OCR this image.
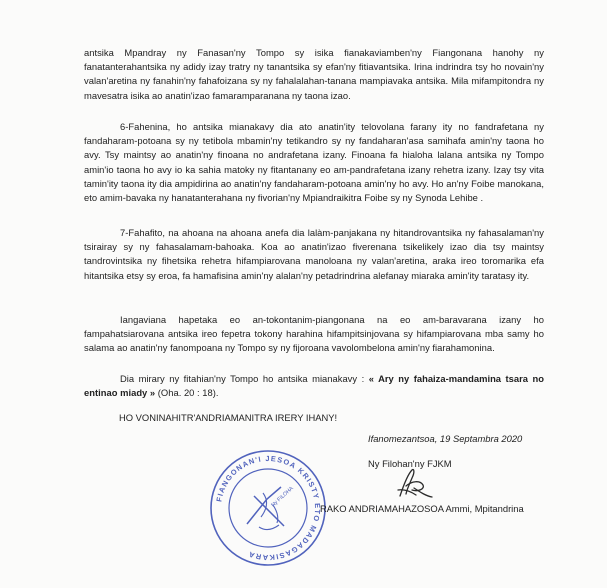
antsika Mpandray ny Fanasan'ny Tompo sy isika fianakaviamben'ny Fiangonana hanohy ny fanatanterahantsika ny adidy izay tratry ny tanantsika sy efan'ny fitiavantsika. Irina indrindra tsy ho novain'ny valan'aretina ny fanahin'ny fahafoizana sy ny fahalalahan-tanana mampiavaka antsika. Mila mifampitondra ny mavesatra isika ao anatin'izao famaramparanana ny taona izao.

6-Fahenina, ho antsika mianakavy dia ato anatin'ity telovolana farany ity no fandrafetana ny fandaharam-potoana sy ny tetibola mbamin'ny tetikandro sy ny fandaharan'asa samihafa amin'ny taona ho avy. Tsy maintsy ao anatin'ny finoana no andrafetana izany. Finoana fa hialoha lalana antsika ny Tompo amin'io taona ho avy io ka sahia matoky ny fitantanany eo am-pandrafetana izany rehetra izany. Izay tsy vita tamin'ity taona ity dia ampidirina ao anatin'ny fandaharam-potoana amin'ny ho avy. Ho an'ny Foibe manokana, eto amim-bavaka ny hanatanterahana ny fivorian'ny Mpiandraikitra Foibe sy ny Synoda Lehibe .

7-Fahafito, na ahoana na ahoana anefa dia lalàm-panjakana ny hitandrovantsika ny fahasalaman'ny tsirairay sy ny fahasalamam-bahoaka. Koa ao anatin'izao fiverenana tsikelikely izao dia tsy maintsy tandrovintsika ny fihetsika rehetra hifampiarovana manoloana ny valan'aretina, araka ireo toromarika efa hitantsika etsy sy eroa, fa hamafisina amin'ny alalan'ny petadrindrina alefanay miaraka amin'ity taratasy ity.

Iangaviana hapetaka eo an-tokontanim-piangonana na eo am-baravarana izany ho fampahatsiarovana antsika ireo fepetra tokony harahina hifampitsinjovana sy hifampiarovana mba samy ho salama ao anatin'ny fanompoana ny Tompo sy ny fijoroana vavolombelona amin'ny fiarahamonina.

Dia mirary ny fitahian'ny Tompo ho antsika mianakavy : « Ary ny fahaiza-mandamina tsara no entinao miady » (Oha. 20 : 18).

HO VONINAHITR'ANDRIAMANITRA IRERY IHANY!
Ifanomezantsoa, 19 Septambra 2020
Ny Filohan'ny FJKM
FIANGONAN'I JESOA KRISTY ETO MADAGASIKARA
Ny FILOHA
RAKO ANDRIAMAHAZOSOA Ammi, Mpitandrina
